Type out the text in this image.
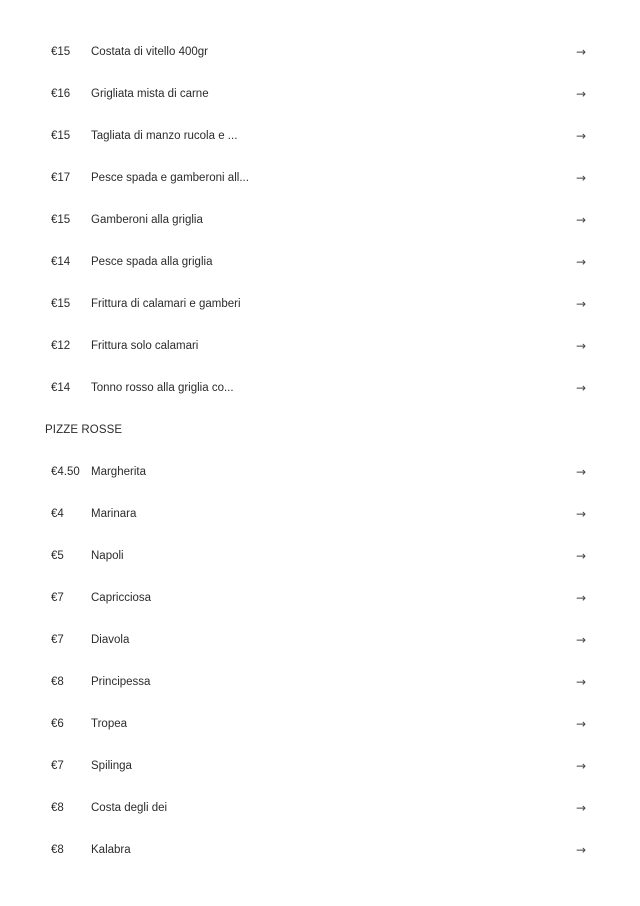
€15 Costata di vitello 400gr	→
€16 Grigliata mista di carne	→
€15 Tagliata di manzo rucola e ...	→
€17 Pesce spada e gamberoni all...	→
€15 Gamberoni alla griglia	→
€14 Pesce spada alla griglia	→
€15 Frittura di calamari e gamberi	→
€12 Frittura solo calamari	→
€14 Tonno rosso alla griglia co...	→
PIZZE ROSSE
€4.50 Margherita	→
€4 Marinara	→
€5 Napoli	→
€7 Capricciosa	→
€7 Diavola	→
€8 Principessa	→
€6 Tropea	→
€7 Spilinga	→
€8 Costa degli dei	→
€8 Kalabra	→
